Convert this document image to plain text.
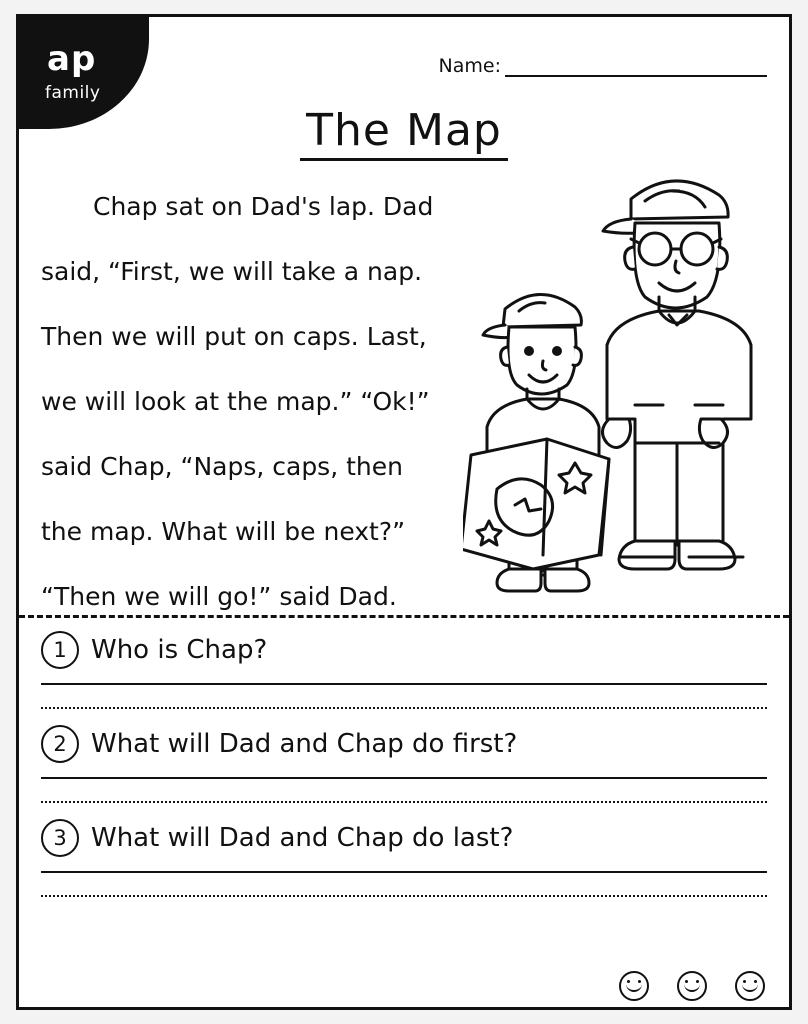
ap
family
Name:
The Map

Chap sat on Dad's lap. Dad

said, “First, we will take a nap.

Then we will put on caps. Last,

we will look at the map.” “Ok!”

said Chap, “Naps, caps, then

the map. What will be next?”

“Then we will go!” said Dad.

1 Who is Chap?
2 What will Dad and Chap do first?
3 What will Dad and Chap do last?
